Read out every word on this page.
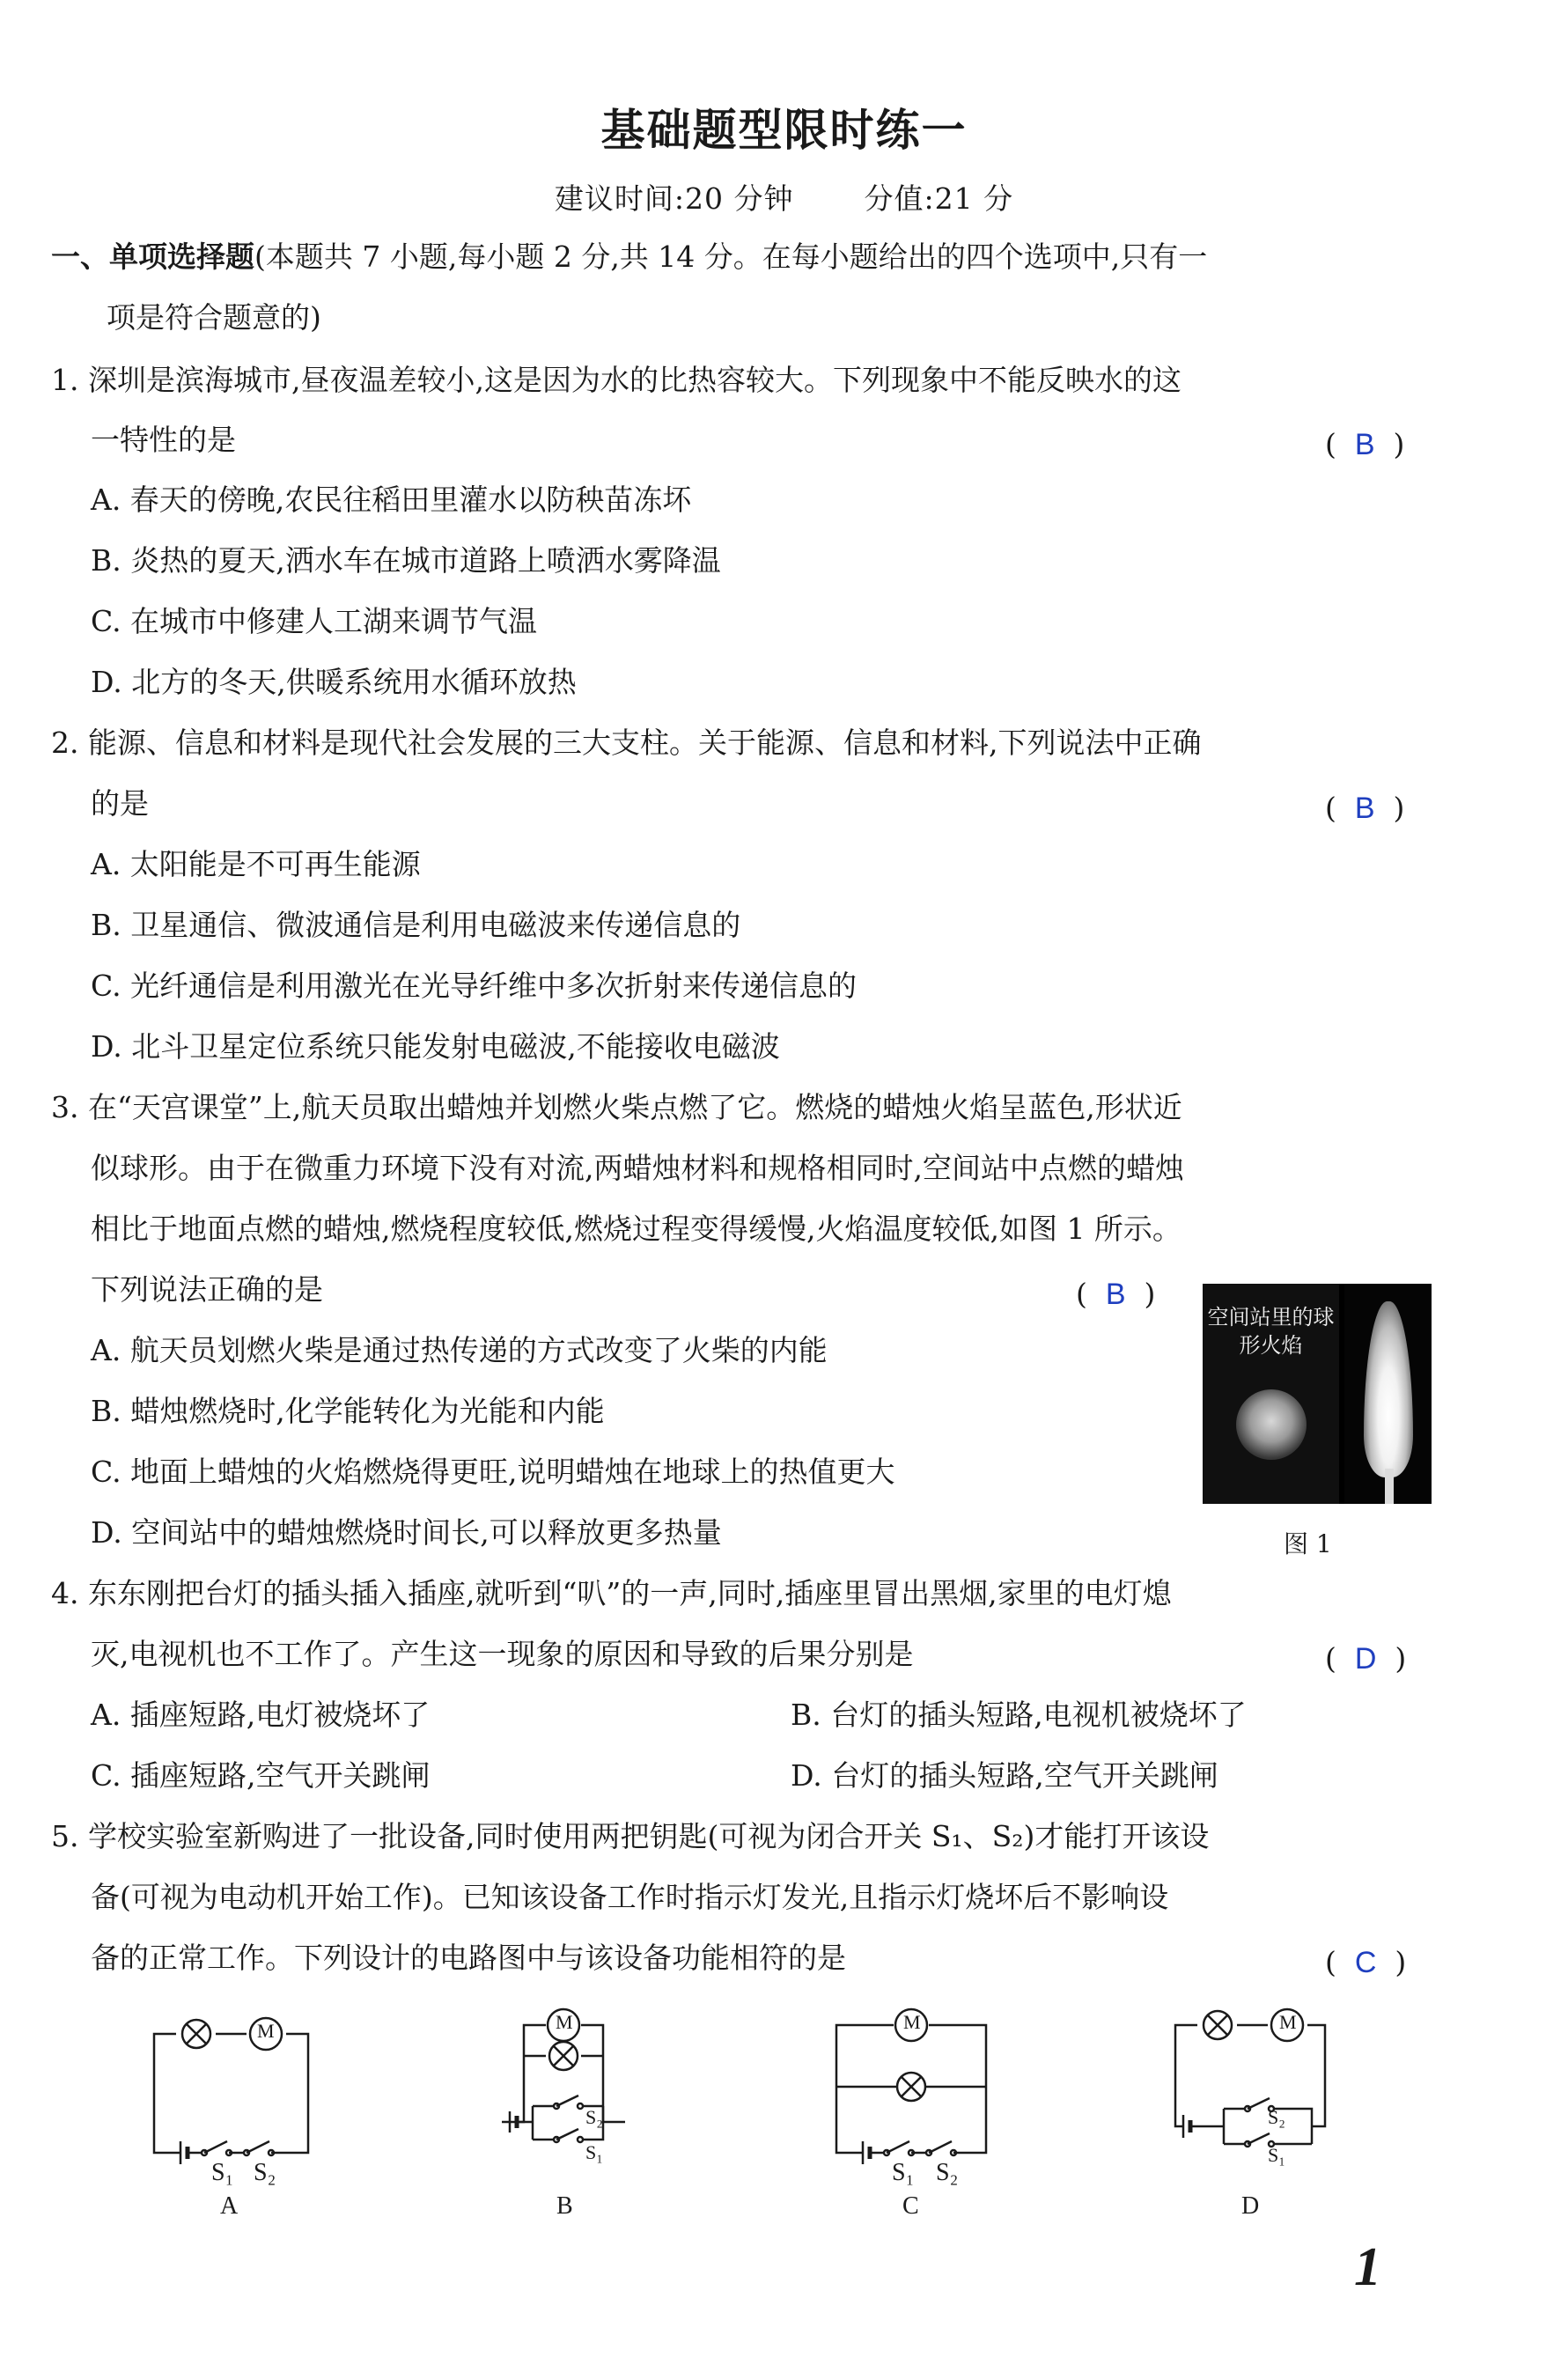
基础题型限时练一
建议时间:20 分钟 分值:21 分
一、单项选择题(本题共 7 小题,每小题 2 分,共 14 分。在每小题给出的四个选项中,只有一
项是符合题意的)
1. 深圳是滨海城市,昼夜温差较小,这是因为水的比热容较大。下列现象中不能反映水的这
一特性的是	( B )
A. 春天的傍晚,农民往稻田里灌水以防秧苗冻坏
B. 炎热的夏天,洒水车在城市道路上喷洒水雾降温
C. 在城市中修建人工湖来调节气温
D. 北方的冬天,供暖系统用水循环放热
2. 能源、信息和材料是现代社会发展的三大支柱。关于能源、信息和材料,下列说法中正确
的是	( B )
A. 太阳能是不可再生能源
B. 卫星通信、微波通信是利用电磁波来传递信息的
C. 光纤通信是利用激光在光导纤维中多次折射来传递信息的
D. 北斗卫星定位系统只能发射电磁波,不能接收电磁波
3. 在“天宫课堂”上,航天员取出蜡烛并划燃火柴点燃了它。燃烧的蜡烛火焰呈蓝色,形状近
似球形。由于在微重力环境下没有对流,两蜡烛材料和规格相同时,空间站中点燃的蜡烛
相比于地面点燃的蜡烛,燃烧程度较低,燃烧过程变得缓慢,火焰温度较低,如图 1 所示。
下列说法正确的是	( B )
A. 航天员划燃火柴是通过热传递的方式改变了火柴的内能
B. 蜡烛燃烧时,化学能转化为光能和内能
C. 地面上蜡烛的火焰燃烧得更旺,说明蜡烛在地球上的热值更大
D. 空间站中的蜡烛燃烧时间长,可以释放更多热量
空间站里的球形火焰
图 1
4. 东东刚把台灯的插头插入插座,就听到“叭”的一声,同时,插座里冒出黑烟,家里的电灯熄
灭,电视机也不工作了。产生这一现象的原因和导致的后果分别是	( D )
A. 插座短路,电灯被烧坏了	B. 台灯的插头短路,电视机被烧坏了
C. 插座短路,空气开关跳闸	D. 台灯的插头短路,空气开关跳闸
5. 学校实验室新购进了一批设备,同时使用两把钥匙(可视为闭合开关 S₁、S₂)才能打开该设
备(可视为电动机开始工作)。已知该设备工作时指示灯发光,且指示灯烧坏后不影响设
备的正常工作。下列设计的电路图中与该设备功能相符的是	( C )
M
S₁ S₂
A
M
S₂
S₁
B
M
S₁ S₂
C
M
S₂
S₁
D
1
